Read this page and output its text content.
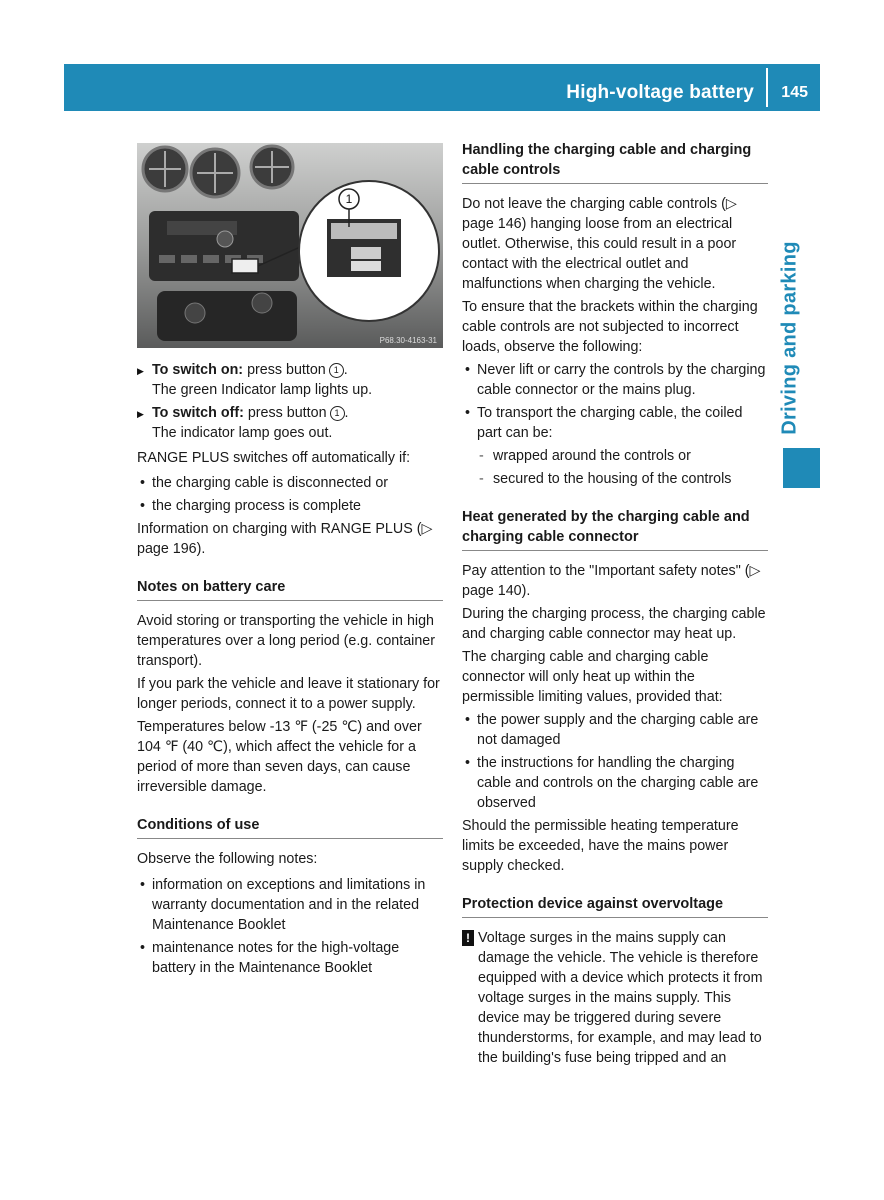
High-voltage battery 145
Driving and parking
1
P68.30-4163-31
▶ To switch on: press button 1 .
The green Indicator lamp lights up.
▶ To switch off: press button 1 .
The indicator lamp goes out.

RANGE PLUS switches off automatically if:

• the charging cable is disconnected or
• the charging process is complete

Information on charging with RANGE PLUS (▷ page 196).

Notes on battery care

Avoid storing or transporting the vehicle in high temperatures over a long period (e.g. container transport).

If you park the vehicle and leave it stationary for longer periods, connect it to a power supply.

Temperatures below -13 ℉ (-25 ℃) and over 104 ℉ (40 ℃), which affect the vehicle for a period of more than seven days, can cause irreversible damage.

Conditions of use

Observe the following notes:

• information on exceptions and limitations in warranty documentation and in the related Maintenance Booklet
• maintenance notes for the high-voltage battery in the Maintenance Booklet
Handling the charging cable and charging cable controls

Do not leave the charging cable controls (▷ page 146) hanging loose from an electrical outlet. Otherwise, this could result in a poor contact with the electrical outlet and malfunctions when charging the vehicle.

To ensure that the brackets within the charging cable controls are not subjected to incorrect loads, observe the following:

• Never lift or carry the controls by the charging cable connector or the mains plug.
• To transport the charging cable, the coiled part can be:
- wrapped around the controls or
- secured to the housing of the controls
Heat generated by the charging cable and charging cable connector

Pay attention to the "Important safety notes" (▷ page 140).

During the charging process, the charging cable and charging cable connector may heat up.

The charging cable and charging cable connector will only heat up within the permissible limiting values, provided that:

• the power supply and the charging cable are not damaged
• the instructions for handling the charging cable and controls on the charging cable are observed

Should the permissible heating temperature limits be exceeded, have the mains power supply checked.

Protection device against overvoltage
! Voltage surges in the mains supply can damage the vehicle. The vehicle is therefore equipped with a device which protects it from voltage surges in the mains supply. This device may be triggered during severe thunderstorms, for example, and may lead to the building's fuse being tripped and an
